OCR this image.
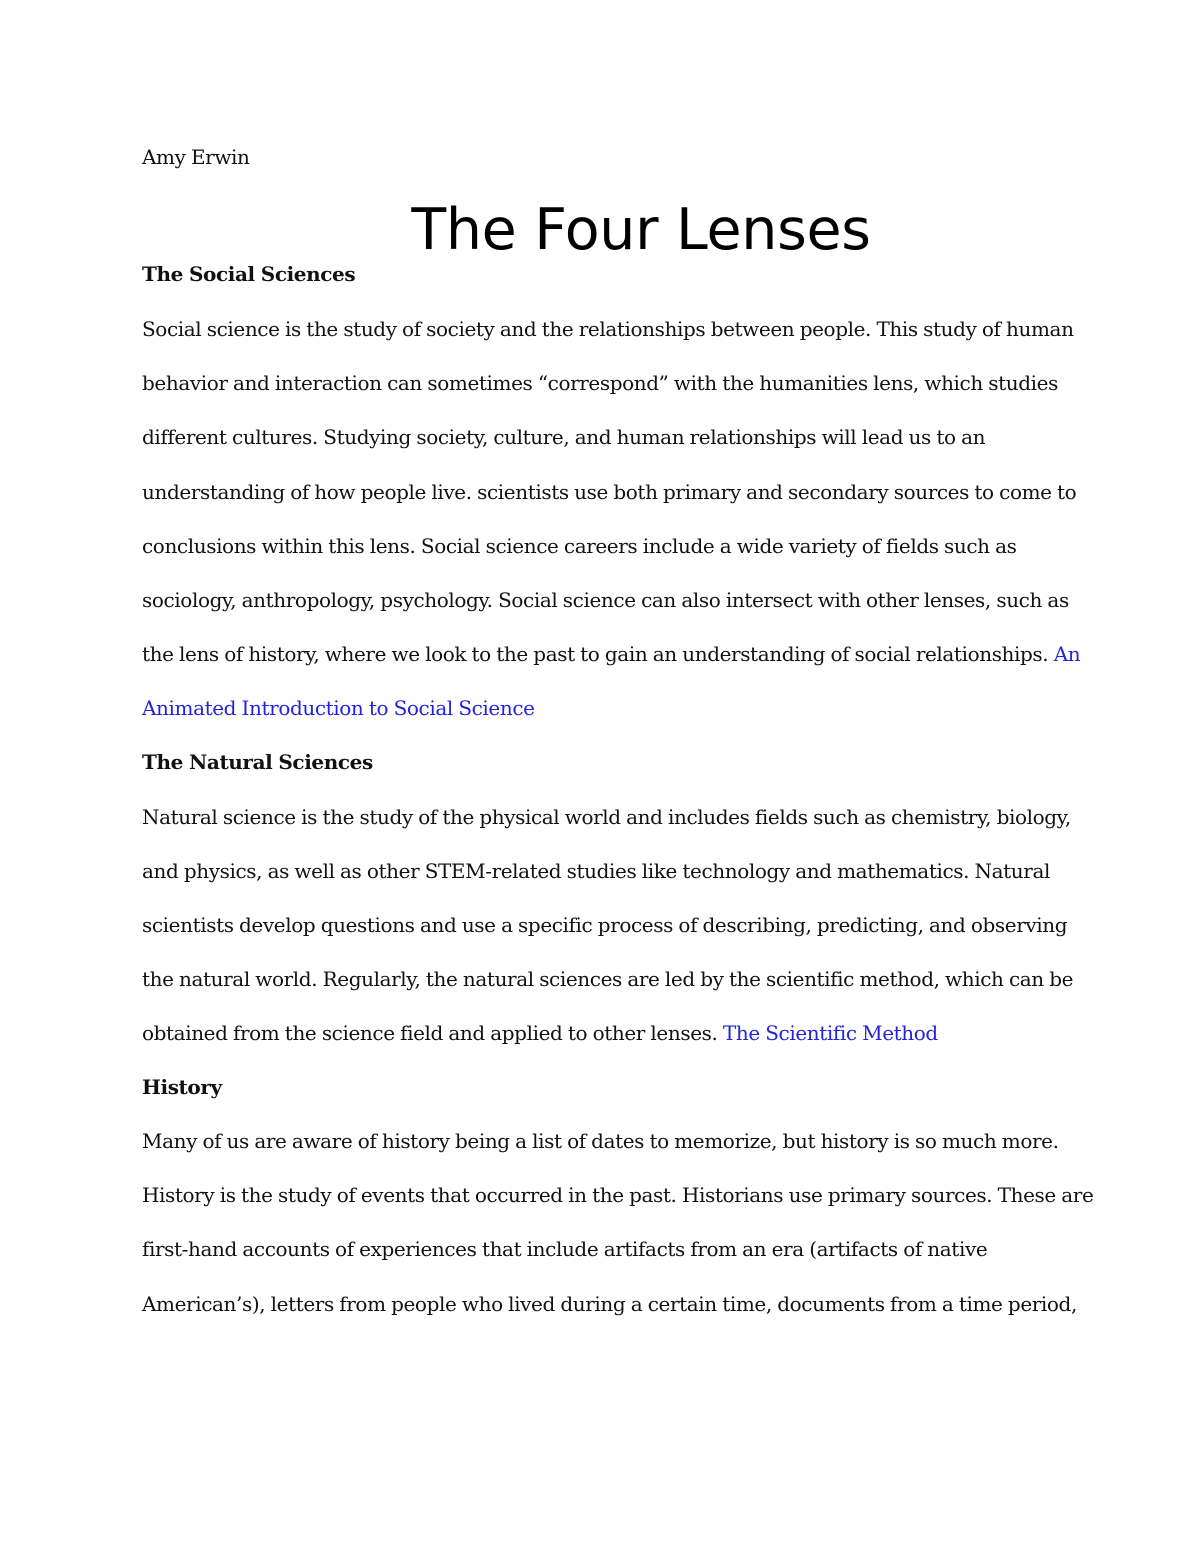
Amy Erwin
The Four Lenses
The Social Sciences
Social science is the study of society and the relationships between people. This study of human
behavior and interaction can sometimes “correspond” with the humanities lens, which studies
different cultures. Studying society, culture, and human relationships will lead us to an
understanding of how people live. scientists use both primary and secondary sources to come to
conclusions within this lens. Social science careers include a wide variety of fields such as
sociology, anthropology, psychology. Social science can also intersect with other lenses, such as
the lens of history, where we look to the past to gain an understanding of social relationships. An
Animated Introduction to Social Science
The Natural Sciences
Natural science is the study of the physical world and includes fields such as chemistry, biology,
and physics, as well as other STEM-related studies like technology and mathematics. Natural
scientists develop questions and use a specific process of describing, predicting, and observing
the natural world. Regularly, the natural sciences are led by the scientific method, which can be
obtained from the science field and applied to other lenses. The Scientific Method
History
Many of us are aware of history being a list of dates to memorize, but history is so much more.
History is the study of events that occurred in the past. Historians use primary sources. These are
first-hand accounts of experiences that include artifacts from an era (artifacts of native
American’s), letters from people who lived during a certain time, documents from a time period,
